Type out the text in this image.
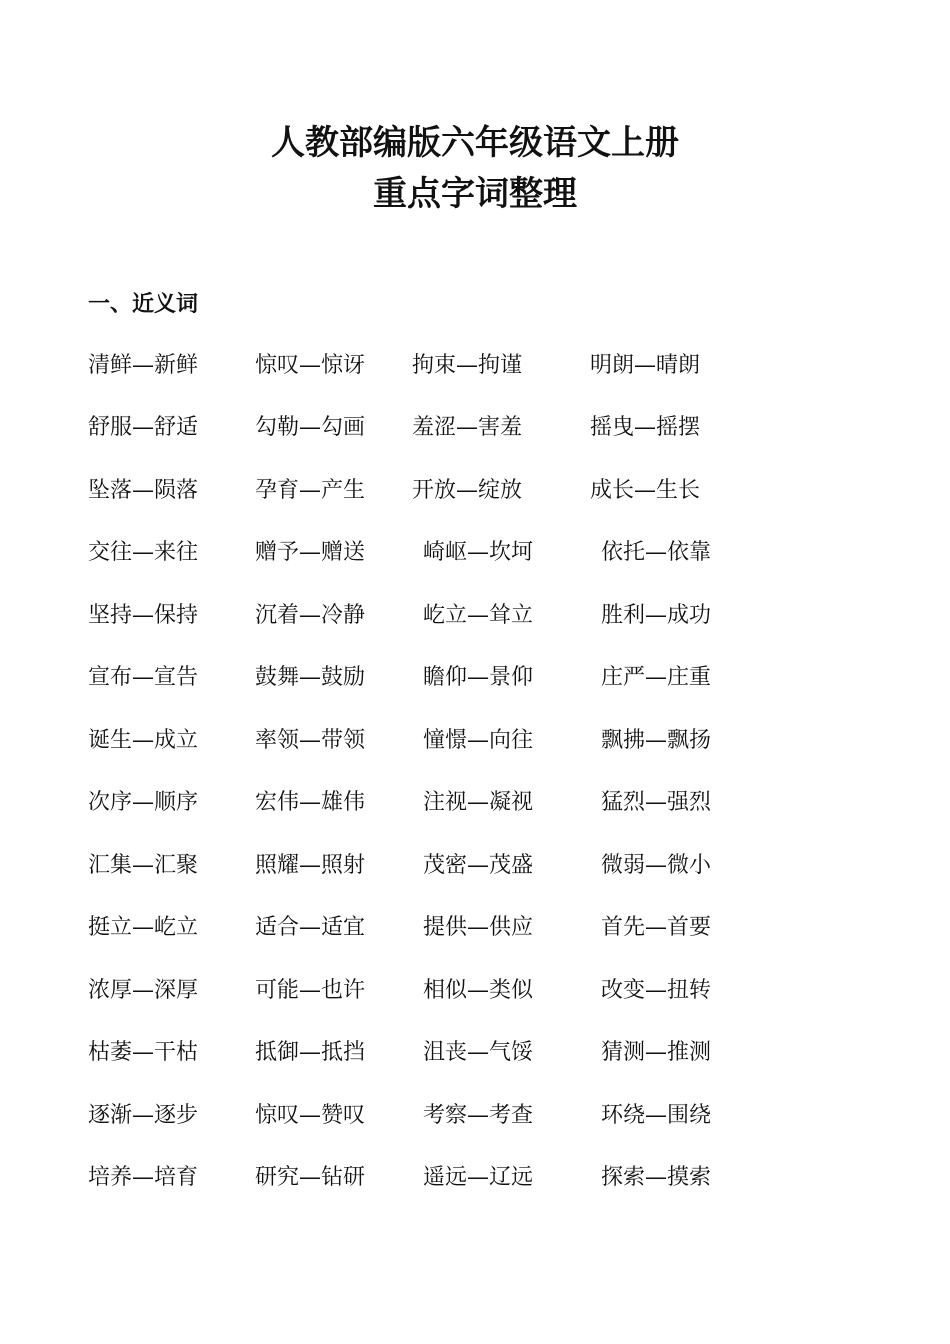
人教部编版六年级语文上册
重点字词整理
一、近义词
清鲜—新鲜	惊叹—惊讶 拘束—拘谨	明朗—晴朗
舒服—舒适	勾勒—勾画 羞涩—害羞	摇曳—摇摆
坠落—陨落	孕育—产生 开放—绽放	成长—生长
交往—来往	赠予—赠送	崎岖—坎坷	依托—依靠
坚持—保持	沉着—冷静	屹立—耸立	胜利—成功
宣布—宣告	鼓舞—鼓励	瞻仰—景仰	庄严—庄重
诞生—成立	率领—带领	憧憬—向往	飘拂—飘扬
次序—顺序	宏伟—雄伟	注视—凝视	猛烈—强烈
汇集—汇聚	照耀—照射	茂密—茂盛	微弱—微小
挺立—屹立	适合—适宜	提供—供应	首先—首要
浓厚—深厚	可能—也许	相似—类似	改变—扭转
枯萎—干枯	抵御—抵挡	沮丧—气馁	猜测—推测
逐渐—逐步	惊叹—赞叹	考察—考查	环绕—围绕
培养—培育	研究—钻研	遥远—辽远	探索—摸索
